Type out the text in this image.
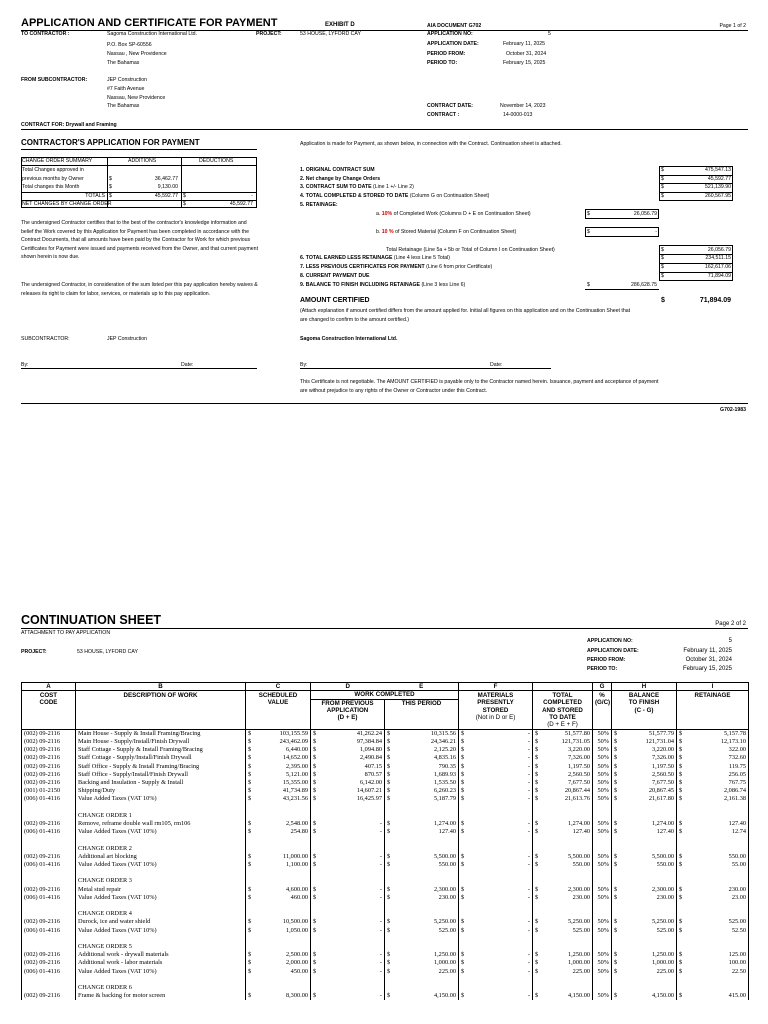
APPLICATION AND CERTIFICATE FOR PAYMENT	EXHIBIT D	AIA DOCUMENT G702	Page 1 of 2
TO CONTRACTOR :	Sagoma Construction International Ltd.
P.O. Box SP-60556
Nassau , New Providence
The Bahamas
PROJECT:	53 HOUSE, LYFORD CAY	APPLICATION NO:	5
APPLICATION DATE:	February 11, 2025
PERIOD FROM:	October 31, 2024
PERIOD TO:	February 15, 2025
FROM SUBCONTRACTOR:	JEP Construction
#7 Faith Avenue
Nassau, New Providence
The Bahamas	CONTRACT DATE:	November 14, 2023
CONTRACT :	14-0000-013
CONTRACT FOR: Drywall and Framing
CONTRACTOR'S APPLICATION FOR PAYMENT
CHANGE ORDER SUMMARY	ADDITIONS	DEDUCTIONS
Total Changes approved in
previous months by Owner	$	36,462.77
Total changes this Month	$	9,130.00
TOTALS $	45,592.77 $	-
NET CHANGES BY CHANGE ORDER	$	45,592.77
The undersigned Contractor certifies that to the best of the contractor's knowledge information and belief the Work covered by this Application for Payment has been completed in accordance with the Contract Documents, that all amounts have been paid by the Contractor for Work for which previous Certificates for Payment were issued and payments received from the Owner, and that current payment shown herein is now due.
The undersigned Contractor, in consideration of the sum listed per this pay application hereby waives & releases its right to claim for labor, services, or materials up to this pay application.
SUBCONTRACTOR:	JEP Construction
By:	Date:
Application is made for Payment, as shown below, in connection with the Contract. Continuation sheet is attached.
1. ORIGINAL CONTRACT SUM
2. Net change by Change Orders
3. CONTRACT SUM TO DATE (Line 1 +/- Line 2)
4. TOTAL COMPLETED & STORED TO DATE (Column G on Continuation Sheet)
5. RETAINAGE:
$	475,547.13
$	45,592.77
$	521,139.90
$	260,567.95
a. 10% of Completed Work (Columns D + E on Continuation Sheet)	$	26,056.79
b. 10 % of Stored Material (Column F on Continuation Sheet)	$	-
Total Retainage (Line 5a + 5b or Total of Column I on Continuation Sheet)
6. TOTAL EARNED LESS RETAINAGE (Line 4 less Line 5 Total)
7. LESS PREVIOUS CERTIFICATES FOR PAYMENT (Line 6 from prior Certificate)
8. CURRENT PAYMENT DUE
9. BALANCE TO FINISH INCLUDING RETAINAGE (Line 3 less Line 6)
$	26,056.79
$	234,511.15
$	162,617.06
$	71,894.09
$	286,628.75
AMOUNT CERTIFIED	$	71,894.09
(Attach explanation if amount certified differs from the amount applied for. Initial all figures on this application and on the Continuation Sheet that are changed to confirm to the amount certified.)
Sagoma Construction International Ltd.
By:	Date:
This Certificate is not negotiable. The AMOUNT CERTIFIED is payable only to the Contractor named herein. Issuance, payment and acceptance of payment are without prejudice to any rights of the Owner or Contractor under this Contract.
G702-1983
CONTINUATION SHEET	Page 2 of 2
ATTACHMENT TO PAY APPLICATION
APPLICATION NO:	5
APPLICATION DATE:	February 11, 2025
PERIOD FROM:	October 31, 2024
PERIOD TO:	February 15, 2025
PROJECT:	53 HOUSE, LYFORD CAY
A	B	C	D	E	F		G	H	I
COST	DESCRIPTION OF WORK	SCHEDULED	WORK COMPLETED		MATERIALS	TOTAL	%	BALANCE	RETAINAGE
CODE		VALUE	FROM PREVIOUS	THIS PERIOD	PRESENTLY	COMPLETED	(G/C)	TO FINISH	
			APPLICATION		STORED	AND STORED		(C - G)	
			(D + E)		(Not in D or E)	TO DATE			
						(D + E + F)			
(002) 09-2116	Main House - Supply & Install Framing/Bracing	$ 103,155.59	$ 41,262.24	$ 10,315.56	$ -	$ 51,577.80	50%	$ 51,577.79	$ 5,157.78

(002) 09-2116	Main House - Supply/Install/Finish Drywall	$ 243,462.09	$ 97,384.84	$ 24,346.21	$ -	$ 121,731.05	50%	$ 121,731.04	$ 12,173.10

(002) 09-2116	Staff Cottage - Supply & Install Framing/Bracing	$ 6,440.00	$ 1,094.80	$ 2,125.20	$ -	$ 3,220.00	50%	$ 3,220.00	$ 322.00

(002) 09-2116	Staff Cottage - Supply/Install/Finish Drywall	$ 14,652.00	$ 2,490.84	$ 4,835.16	$ -	$ 7,326.00	50%	$ 7,326.00	$ 732.60

(002) 09-2116	Staff Office - Supply & Install Framing/Bracing	$ 2,395.00	$ 407.15	$ 790.35	$ -	$ 1,197.50	50%	$ 1,197.50	$ 119.75

(002) 09-2116	Staff Office - Supply/Install/Finish Drywall	$ 5,121.00	$ 870.57	$ 1,689.93	$ -	$ 2,560.50	50%	$ 2,560.50	$ 256.05

(002) 09-2116	Backing and Insulation - Supply & Install	$ 15,355.00	$ 6,142.00	$ 1,535.50	$ -	$ 7,677.50	50%	$ 7,677.50	$ 767.75

(001) 01-2150	Shipping/Duty	$ 41,734.89	$ 14,607.21	$ 6,260.23	$ -	$ 20,867.44	50%	$ 20,867.45	$ 2,086.74

(006) 01-4116	Value Added Taxes (VAT 10%)	$ 43,231.56	$ 16,425.97	$ 5,187.79	$ -	$ 21,613.76	50%	$ 21,617.80	$ 2,161.38

	CHANGE ORDER 1								
(002) 09-2116	Remove, reframe double wall rm105, rm106	$ 2,548.00	$ -	$ 1,274.00	$ -	$ 1,274.00	50%	$ 1,274.00	$ 127.40

(006) 01-4116	Value Added Taxes (VAT 10%)	$ 254.80	$ -	$ 127.40	$ -	$ 127.40	50%	$ 127.40	$ 12.74

	CHANGE ORDER 2								
(002) 09-2116	Additional art blocking	$ 11,000.00	$ -	$ 5,500.00	$ -	$ 5,500.00	50%	$ 5,500.00	$ 550.00

(006) 01-4116	Value Added Taxes (VAT 10%)	$ 1,100.00	$ -	$ 550.00	$ -	$ 550.00	50%	$ 550.00	$ 55.00

	CHANGE ORDER 3								
(002) 09-2116	Metal stud repair	$ 4,600.00	$ -	$ 2,300.00	$ -	$ 2,300.00	50%	$ 2,300.00	$ 230.00

(006) 01-4116	Value Added Taxes (VAT 10%)	$ 460.00	$ -	$ 230.00	$ -	$ 230.00	50%	$ 230.00	$ 23.00

	CHANGE ORDER 4								
(002) 09-2116	Durock, ice and water shield	$ 10,500.00	$ -	$ 5,250.00	$ -	$ 5,250.00	50%	$ 5,250.00	$ 525.00

(006) 01-4116	Value Added Taxes (VAT 10%)	$ 1,050.00	$ -	$ 525.00	$ -	$ 525.00	50%	$ 525.00	$ 52.50

	CHANGE ORDER 5								
(002) 09-2116	Additional work - drywall materials	$ 2,500.00	$ -	$ 1,250.00	$ -	$ 1,250.00	50%	$ 1,250.00	$ 125.00

(002) 09-2116	Additional work - labor materials	$ 2,000.00	$ -	$ 1,000.00	$ -	$ 1,000.00	50%	$ 1,000.00	$ 100.00

(006) 01-4116	Value Added Taxes (VAT 10%)	$ 450.00	$ -	$ 225.00	$ -	$ 225.00	50%	$ 225.00	$ 22.50

	CHANGE ORDER 6								
(002) 09-2116	Frame & backing for motor screen	$ 8,300.00	$ -	$ 4,150.00	$ -	$ 4,150.00	50%	$ 4,150.00	$ 415.00
